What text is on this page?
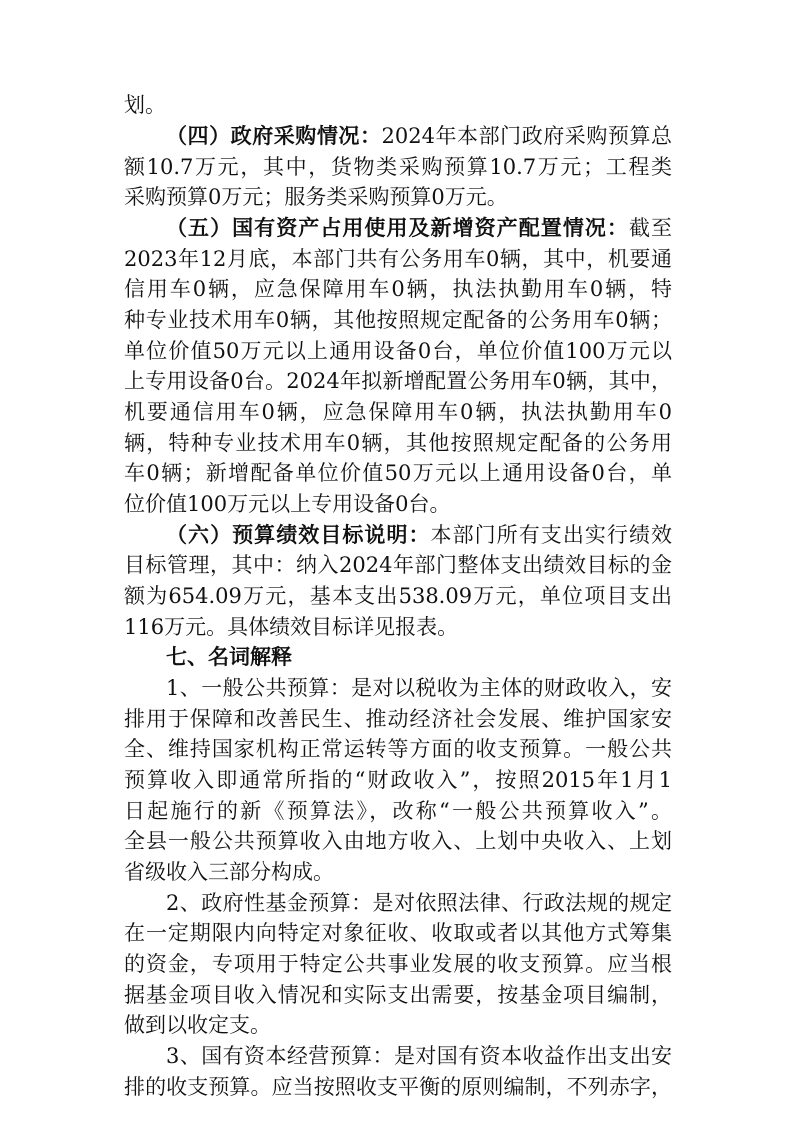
划。
（四）政府采购情况：2024年本部门政府采购预算总
额10.7万元，其中，货物类采购预算10.7万元；工程类
采购预算0万元；服务类采购预算0万元。
（五）国有资产占用使用及新增资产配置情况：截至
2023年12月底，本部门共有公务用车0辆，其中，机要通
信用车0辆，应急保障用车0辆，执法执勤用车0辆，特
种专业技术用车0辆，其他按照规定配备的公务用车0辆；
单位价值50万元以上通用设备0台，单位价值100万元以
上专用设备0台。2024年拟新增配置公务用车0辆，其中，
机要通信用车0辆，应急保障用车0辆，执法执勤用车0
辆，特种专业技术用车0辆，其他按照规定配备的公务用
车0辆；新增配备单位价值50万元以上通用设备0台，单
位价值100万元以上专用设备0台。
（六）预算绩效目标说明：本部门所有支出实行绩效
目标管理，其中：纳入2024年部门整体支出绩效目标的金
额为654.09万元，基本支出538.09万元，单位项目支出
116万元。具体绩效目标详见报表。
七、名词解释
1、一般公共预算：是对以税收为主体的财政收入，安
排用于保障和改善民生、推动经济社会发展、维护国家安
全、维持国家机构正常运转等方面的收支预算。一般公共
预算收入即通常所指的“财政收入”，按照2015年1月1
日起施行的新《预算法》，改称“一般公共预算收入”。
全县一般公共预算收入由地方收入、上划中央收入、上划
省级收入三部分构成。
2、政府性基金预算：是对依照法律、行政法规的规定
在一定期限内向特定对象征收、收取或者以其他方式筹集
的资金，专项用于特定公共事业发展的收支预算。应当根
据基金项目收入情况和实际支出需要，按基金项目编制，
做到以收定支。
3、国有资本经营预算：是对国有资本收益作出支出安
排的收支预算。应当按照收支平衡的原则编制，不列赤字，
